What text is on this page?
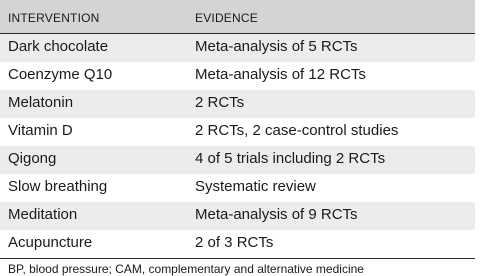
INTERVENTION	EVIDENCE
Dark chocolate	Meta-analysis of 5 RCTs
Coenzyme Q10	Meta-analysis of 12 RCTs
Melatonin	2 RCTs
Vitamin D	2 RCTs, 2 case-control studies
Qigong	4 of 5 trials including 2 RCTs
Slow breathing	Systematic review
Meditation	Meta-analysis of 9 RCTs
Acupuncture	2 of 3 RCTs
BP, blood pressure; CAM, complementary and alternative medicine
